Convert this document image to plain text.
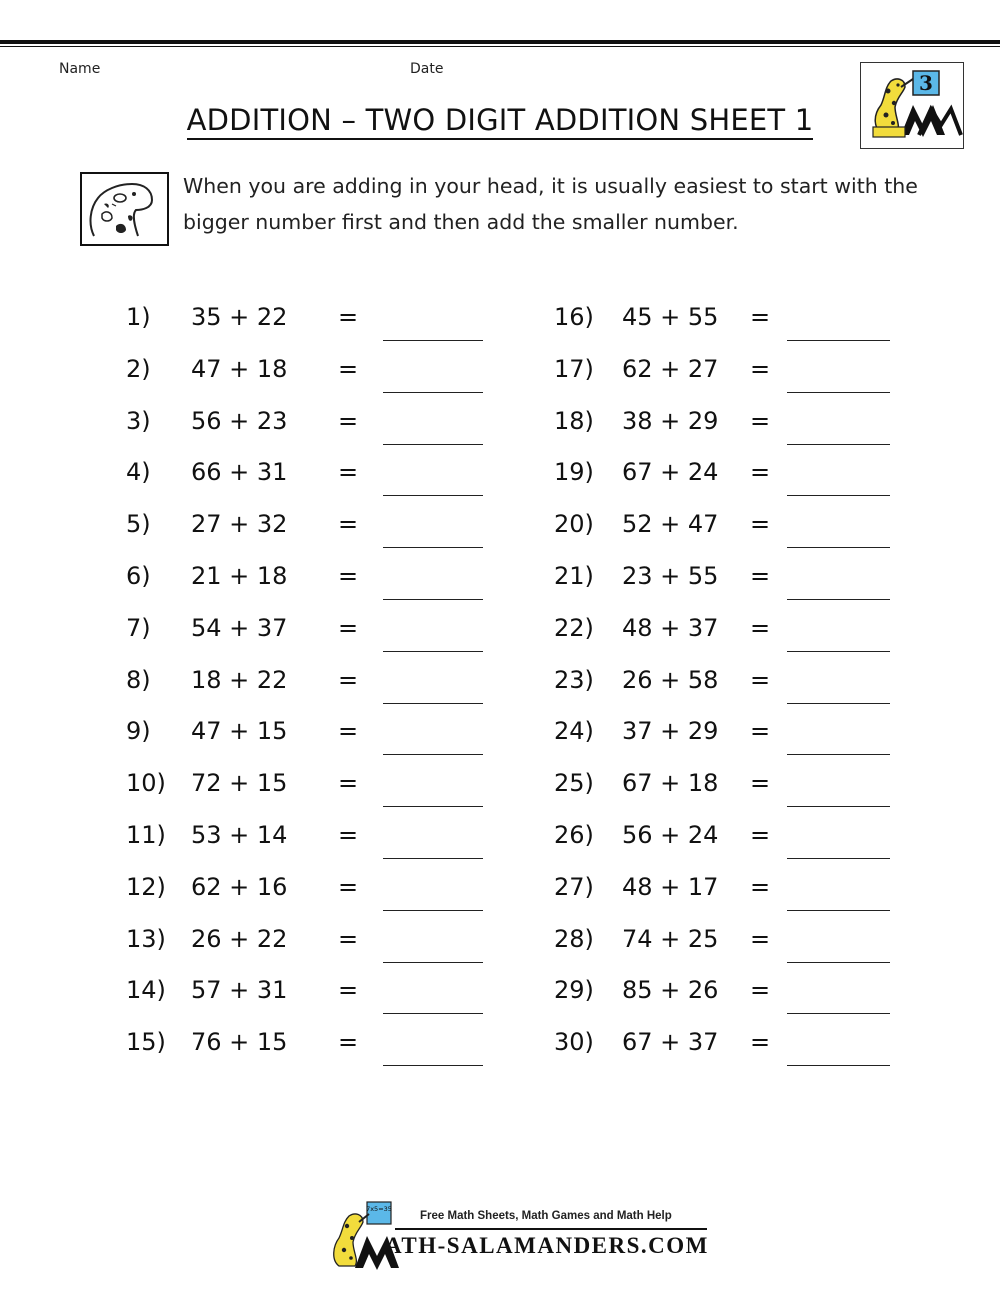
Name	Date
ADDITION – TWO DIGIT ADDITION SHEET 1
3
When you are adding in your head, it is usually easiest to start with the bigger number first and then add the smaller number.
1) 35 + 22 =
2) 47 + 18 =
3) 56 + 23 =
4) 66 + 31 =
5) 27 + 32 =
6) 21 + 18 =
7) 54 + 37 =
8) 18 + 22 =
9) 47 + 15 =
10) 72 + 15 =
11) 53 + 14 =
12) 62 + 16 =
13) 26 + 22 =
14) 57 + 31 =
15) 76 + 15 =
16) 45 + 55 =
17) 62 + 27 =
18) 38 + 29 =
19) 67 + 24 =
20) 52 + 47 =
21) 23 + 55 =
22) 48 + 37 =
23) 26 + 58 =
24) 37 + 29 =
25) 67 + 18 =
26) 56 + 24 =
27) 48 + 17 =
28) 74 + 25 =
29) 85 + 26 =
30) 67 + 37 =
7x5=35
Free Math Sheets, Math Games and Math Help
ATH-SALAMANDERS.COM
